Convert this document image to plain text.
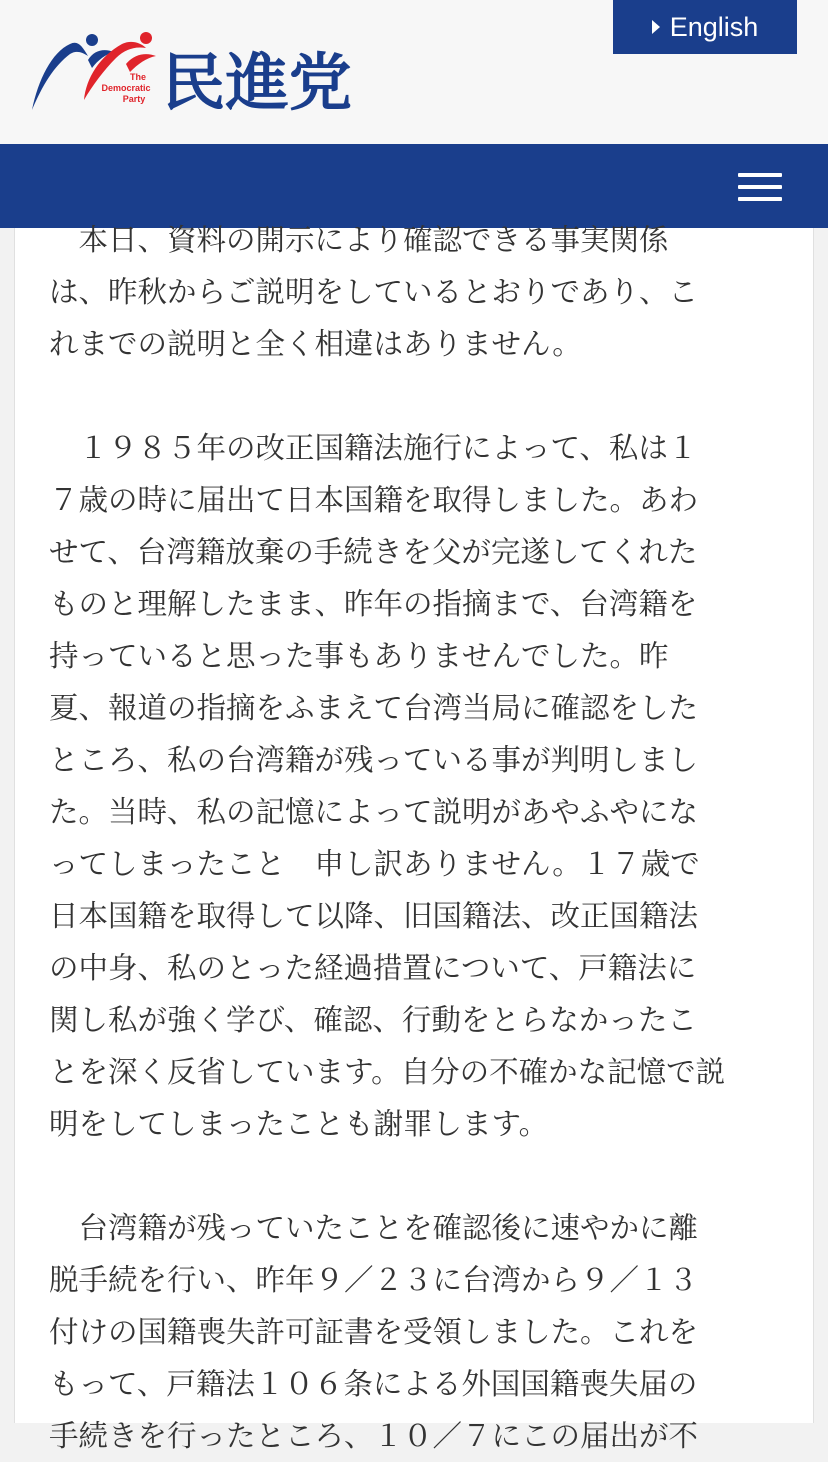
The
Democratic
Party 民進党
English
　本日、資料の開示により確認できる事実関係
は、昨秋からご説明をしているとおりであり、こ
れまでの説明と全く相違はありません。
　１９８５年の改正国籍法施行によって、私は１
７歳の時に届出て日本国籍を取得しました。あわ
せて、台湾籍放棄の手続きを父が完遂してくれた
ものと理解したまま、昨年の指摘まで、台湾籍を
持っていると思った事もありませんでした。昨
夏、報道の指摘をふまえて台湾当局に確認をした
ところ、私の台湾籍が残っている事が判明しまし
た。当時、私の記憶によって説明があやふやにな
ってしまったこと　申し訳ありません。１７歳で
日本国籍を取得して以降、旧国籍法、改正国籍法
の中身、私のとった経過措置について、戸籍法に
関し私が強く学び、確認、行動をとらなかったこ
とを深く反省しています。自分の不確かな記憶で説
明をしてしまったことも謝罪します。
　台湾籍が残っていたことを確認後に速やかに離
脱手続を行い、昨年９／２３に台湾から９／１３
付けの国籍喪失許可証書を受領しました。これを
もって、戸籍法１０６条による外国国籍喪失届の
手続きを行ったところ、１０／７にこの届出が不
